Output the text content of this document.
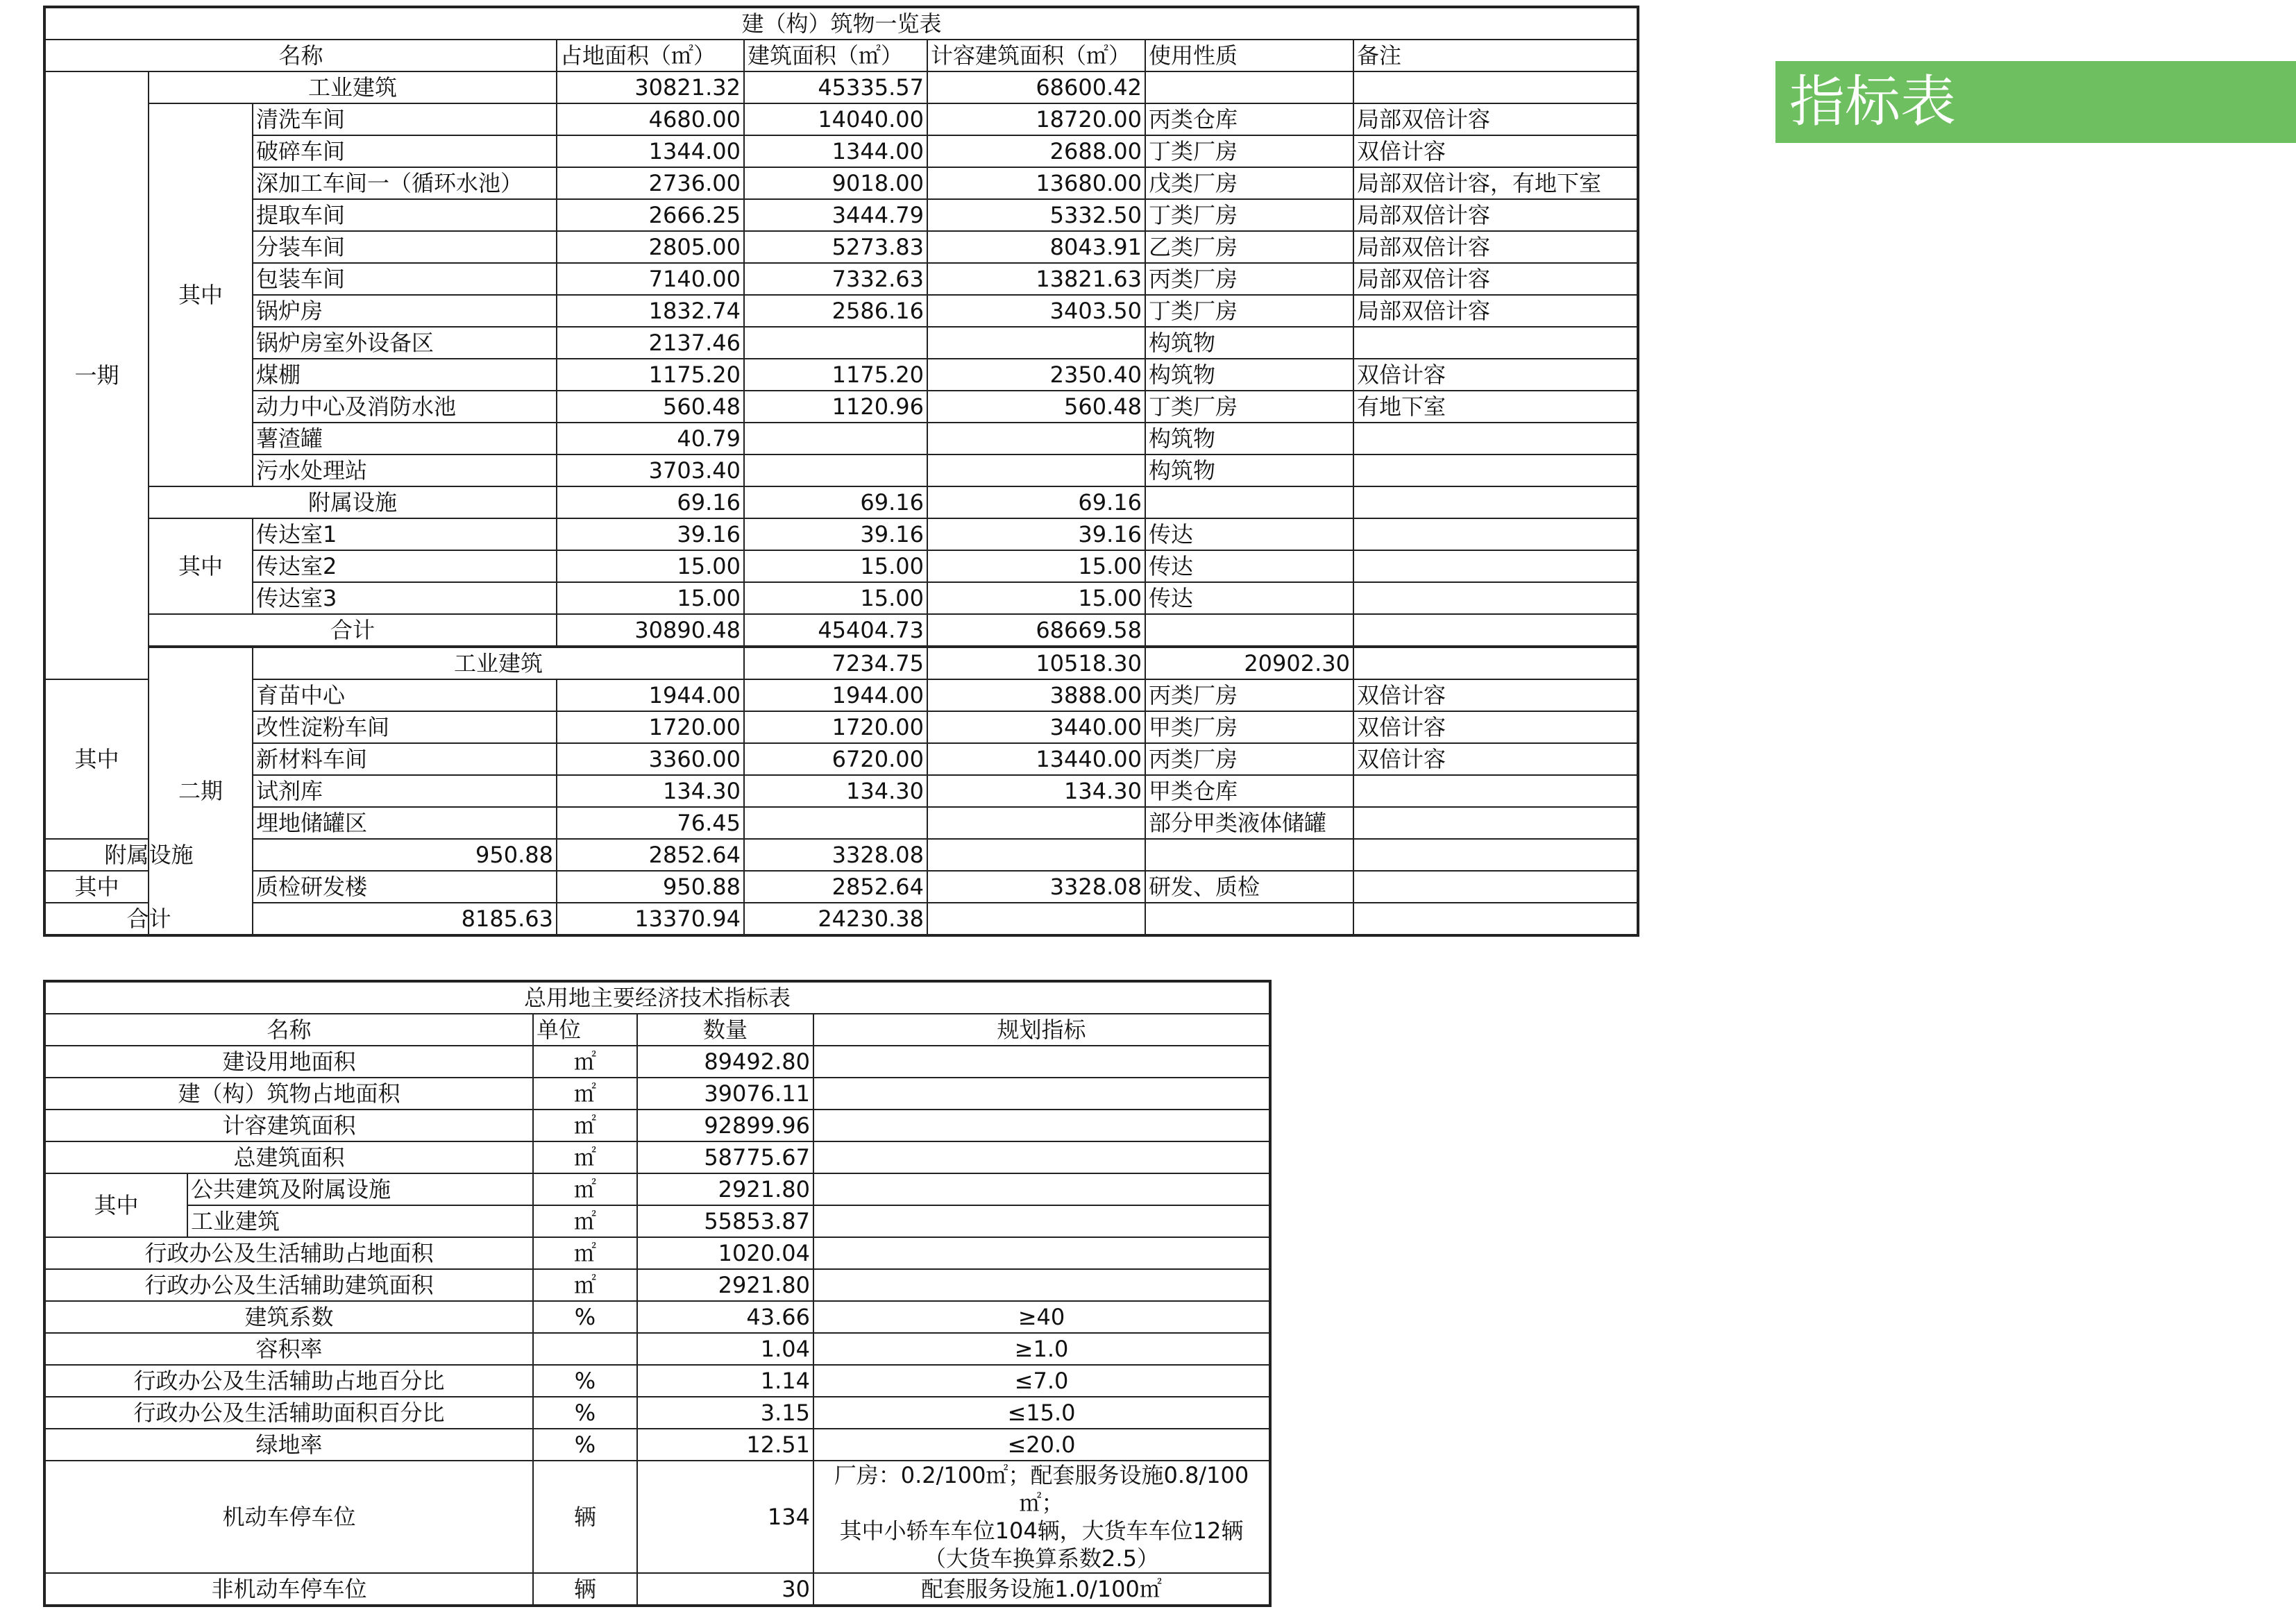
指标表
建（构）筑物一览表								
名称			占地面积（㎡）	建筑面积（㎡）	计容建筑面积（㎡）	使用性质	备注	
一期	工业建筑		30821.32	45335.57	68600.42			
	其中	清洗车间	4680.00	14040.00	18720.00	丙类仓库	局部双倍计容	
		破碎车间	1344.00	1344.00	2688.00	丁类厂房	双倍计容	
		深加工车间一（循环水池）	2736.00	9018.00	13680.00	戊类厂房	局部双倍计容，有地下室	
		提取车间	2666.25	3444.79	5332.50	丁类厂房	局部双倍计容	
		分装车间	2805.00	5273.83	8043.91	乙类厂房	局部双倍计容	
		包装车间	7140.00	7332.63	13821.63	丙类厂房	局部双倍计容	
		锅炉房	1832.74	2586.16	3403.50	丁类厂房	局部双倍计容	
		锅炉房室外设备区	2137.46			构筑物		
		煤棚	1175.20	1175.20	2350.40	构筑物	双倍计容	
		动力中心及消防水池	560.48	1120.96	560.48	丁类厂房	有地下室	
		薯渣罐	40.79			构筑物		
		污水处理站	3703.40			构筑物		
	附属设施		69.16	69.16	69.16			
	其中	传达室1	39.16	39.16	39.16	传达		
		传达室2	15.00	15.00	15.00	传达		
		传达室3	15.00	15.00	15.00	传达		
	合计		30890.48	45404.73	68669.58			
	二期	工业建筑		7234.75	10518.30	20902.30		
其中		育苗中心	1944.00	1944.00	3888.00	丙类厂房	双倍计容	
		改性淀粉车间	1720.00	1720.00	3440.00	甲类厂房	双倍计容	
		新材料车间	3360.00	6720.00	13440.00	丙类厂房	双倍计容	
		试剂库	134.30	134.30	134.30	甲类仓库		
		埋地储罐区	76.45			部分甲类液体储罐		
附属设施		950.88	2852.64	3328.08				
其中		质检研发楼	950.88	2852.64	3328.08	研发、质检		
合计		8185.63	13370.94	24230.38				
总用地主要经济技术指标表				
名称		单位	数量	规划指标
建设用地面积		㎡	89492.80	
建（构）筑物占地面积		㎡	39076.11	
计容建筑面积		㎡	92899.96	
总建筑面积		㎡	58775.67	
其中	公共建筑及附属设施	㎡	2921.80	
	工业建筑	㎡	55853.87	
行政办公及生活辅助占地面积		㎡	1020.04	
行政办公及生活辅助建筑面积		㎡	2921.80	
建筑系数		%	43.66	≥40
容积率			1.04	≥1.0
行政办公及生活辅助占地百分比		%	1.14	≤7.0
行政办公及生活辅助面积百分比		%	3.15	≤15.0
绿地率		%	12.51	≤20.0
机动车停车位		辆	134	厂房：0.2/100㎡；配套服务设施0.8/100㎡；
其中小轿车车位104辆，大货车车位12辆
（大货车换算系数2.5）

非机动车停车位		辆	30	配套服务设施1.0/100㎡
